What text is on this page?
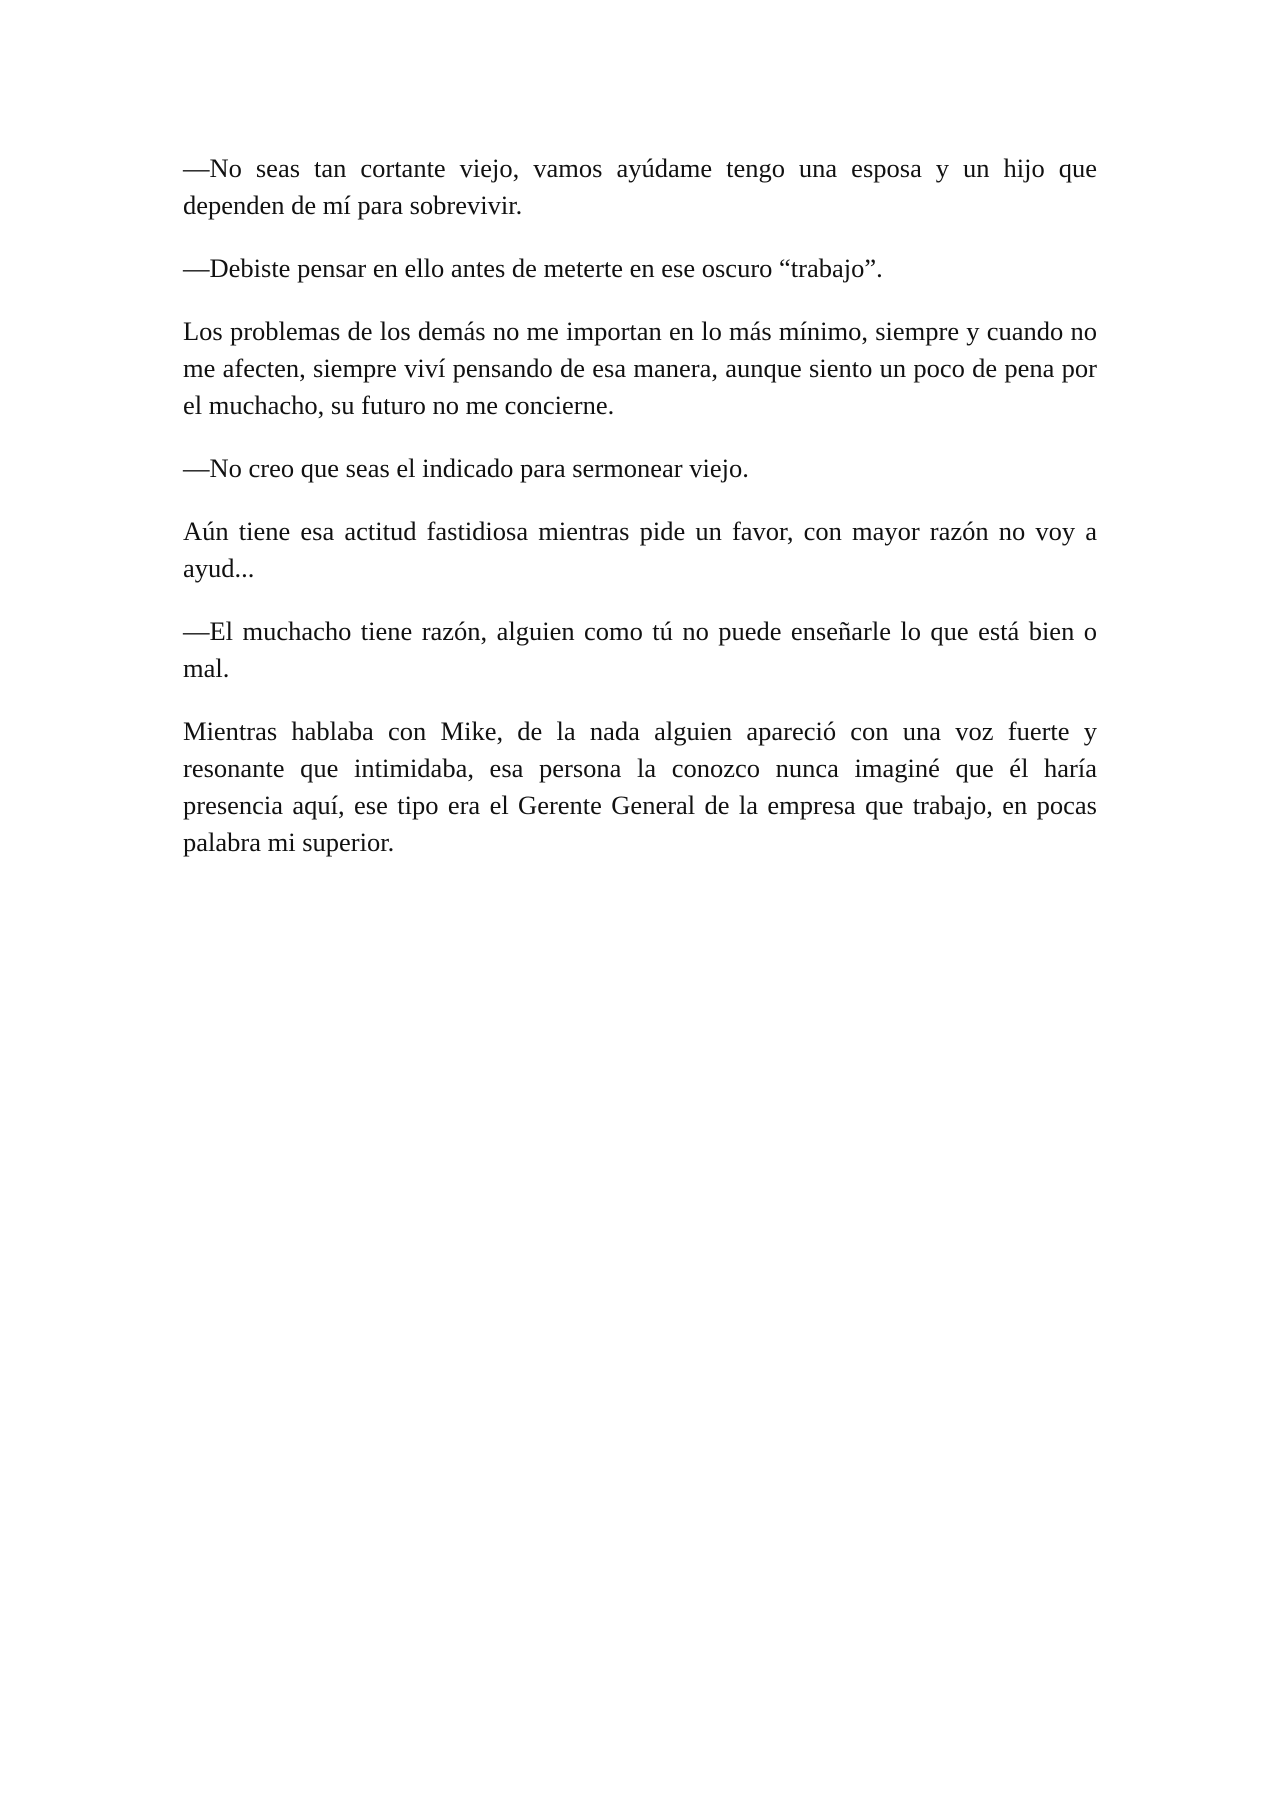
—No seas tan cortante viejo, vamos ayúdame tengo una esposa y un hijo que dependen de mí para sobrevivir.

—Debiste pensar en ello antes de meterte en ese oscuro “trabajo”.

Los problemas de los demás no me importan en lo más mínimo, siempre y cuando no me afecten, siempre viví pensando de esa manera, aunque siento un poco de pena por el muchacho, su futuro no me concierne.

—No creo que seas el indicado para sermonear viejo.

Aún tiene esa actitud fastidiosa mientras pide un favor, con mayor razón no voy a ayud...

—El muchacho tiene razón, alguien como tú no puede enseñarle lo que está bien o mal.

Mientras hablaba con Mike, de la nada alguien apareció con una voz fuerte y resonante que intimidaba, esa persona la conozco nunca imaginé que él haría presencia aquí, ese tipo era el Gerente General de la empresa que trabajo, en pocas palabra mi superior.
